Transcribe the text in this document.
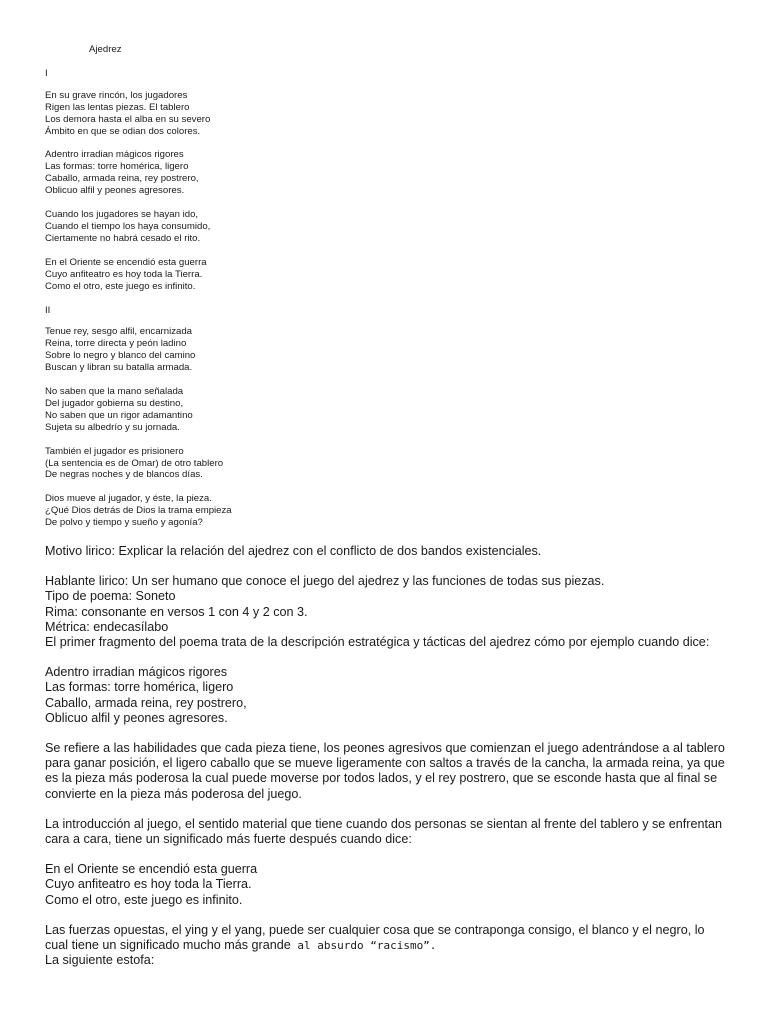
Ajedrez
I
En su grave rincón, los jugadores
Rigen las lentas piezas. El tablero
Los demora hasta el alba en su severo
Ámbito en que se odian dos colores.
Adentro irradian mágicos rigores
Las formas: torre homérica, ligero
Caballo, armada reina, rey postrero,
Oblicuo alfil y peones agresores.
Cuando los jugadores se hayan ido,
Cuando el tiempo los haya consumido,
Ciertamente no habrá cesado el rito.
En el Oriente se encendió esta guerra
Cuyo anfiteatro es hoy toda la Tierra.
Como el otro, este juego es infinito.
II
Tenue rey, sesgo alfil, encarnizada
Reina, torre directa y peón ladino
Sobre lo negro y blanco del camino
Buscan y libran su batalla armada.
No saben que la mano señalada
Del jugador gobierna su destino,
No saben que un rigor adamantino
Sujeta su albedrío y su jornada.
También el jugador es prisionero
(La sentencia es de Omar) de otro tablero
De negras noches y de blancos días.
Dios mueve al jugador, y éste, la pieza.
¿Qué Dios detrás de Dios la trama empieza
De polvo y tiempo y sueño y agonía?

Motivo lirico: Explicar la relación del ajedrez con el conflicto de dos bandos existenciales.

Hablante lirico: Un ser humano que conoce el juego del ajedrez y las funciones de todas sus piezas.

Tipo de poema: Soneto

Rima: consonante en versos 1 con 4 y 2 con 3.

Métrica: endecasílabo

El primer fragmento del poema trata de la descripción estratégica y tácticas del ajedrez cómo por ejemplo cuando dice:

Adentro irradian mágicos rigores
Las formas: torre homérica, ligero
Caballo, armada reina, rey postrero,
Oblicuo alfil y peones agresores.
Se refiere a las habilidades que cada pieza tiene, los peones agresivos que comienzan el juego adentrándose a al tablero
para ganar posición, el ligero caballo que se mueve ligeramente con saltos a través de la cancha, la armada reina, ya que
es la pieza más poderosa la cual puede moverse por todos lados, y el rey postrero, que se esconde hasta que al final se
convierte en la pieza más poderosa del juego.
La introducción al juego, el sentido material que tiene cuando dos personas se sientan al frente del tablero y se enfrentan
cara a cara, tiene un significado más fuerte después cuando dice:
En el Oriente se encendió esta guerra
Cuyo anfiteatro es hoy toda la Tierra.
Como el otro, este juego es infinito.
Las fuerzas opuestas, el ying y el yang, puede ser cualquier cosa que se contraponga consigo, el blanco y el negro, lo
cual tiene un significado mucho más grande al absurdo “racismo”.
La siguiente estofa:
